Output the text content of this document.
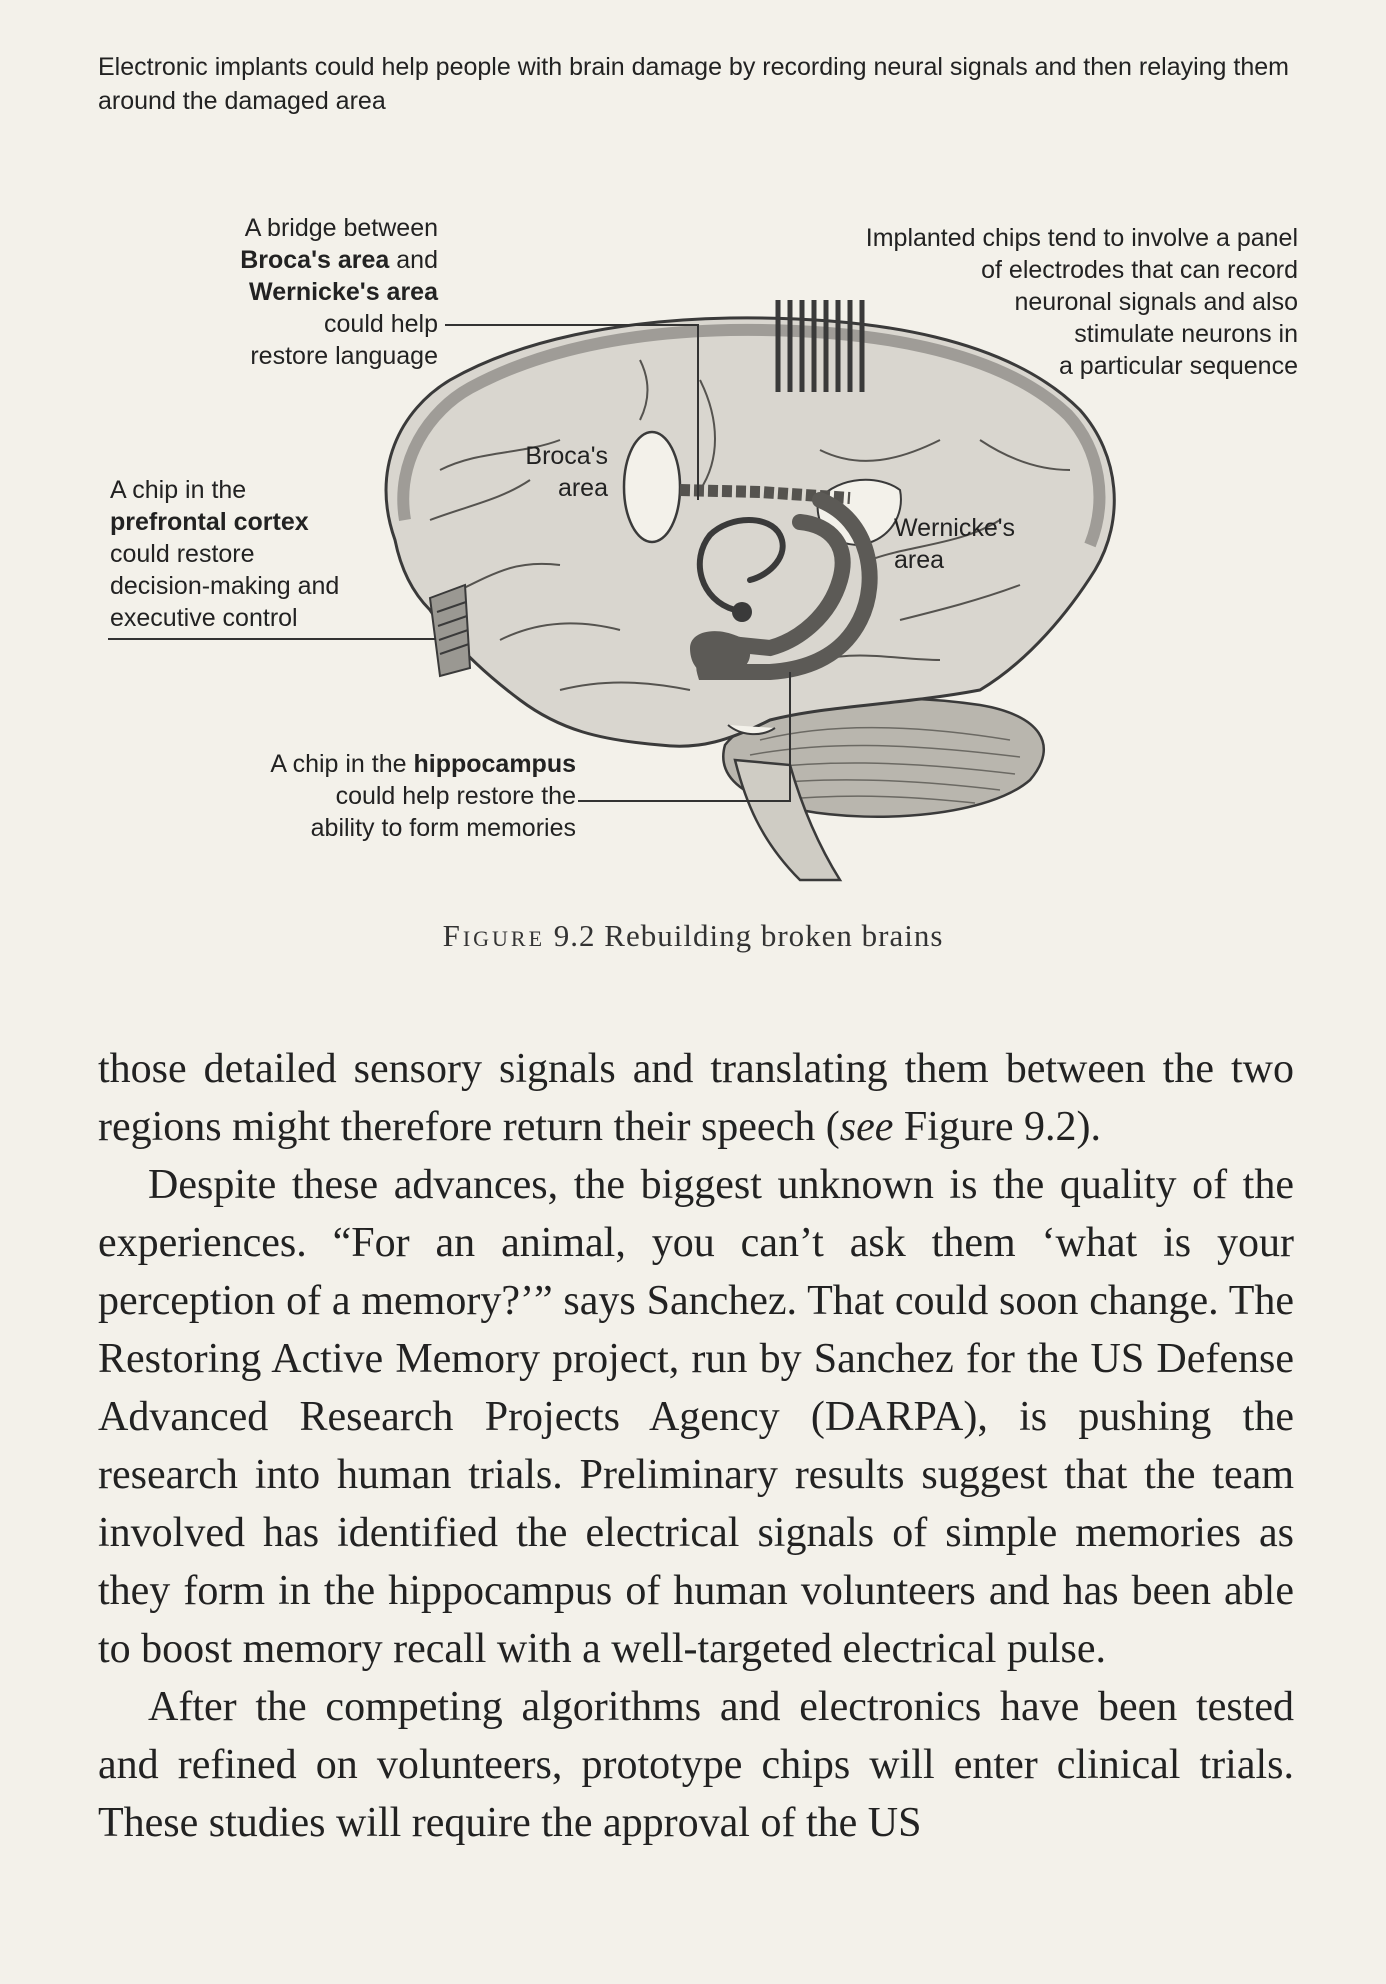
Electronic implants could help people with brain damage by recording neural signals and then relaying them around the damaged area
A bridge between
Broca's area and
Wernicke's area
could help
restore language
Implanted chips tend to involve a panel
of electrodes that can record
neuronal signals and also
stimulate neurons in
a particular sequence
Broca's
area
Wernicke's
area
A chip in the
prefrontal cortex
could restore
decision-making and
executive control
A chip in the hippocampus
could help restore the
ability to form memories
Figure 9.2 Rebuilding broken brains

those detailed sensory signals and translating them between the two regions might therefore return their speech (see Figure 9.2).

Despite these advances, the biggest unknown is the quality of the experiences. “For an animal, you can’t ask them ‘what is your perception of a memory?’” says Sanchez. That could soon change. The Restoring Active Memory project, run by Sanchez for the US Defense Advanced Research Projects Agency (DARPA), is pushing the research into human trials. Preliminary results suggest that the team involved has identified the electrical signals of simple memories as they form in the hippocampus of human volunteers and has been able to boost memory recall with a well-targeted electrical pulse.

After the competing algorithms and electronics have been tested and refined on volunteers, prototype chips will enter clinical trials. These studies will require the approval of the US
